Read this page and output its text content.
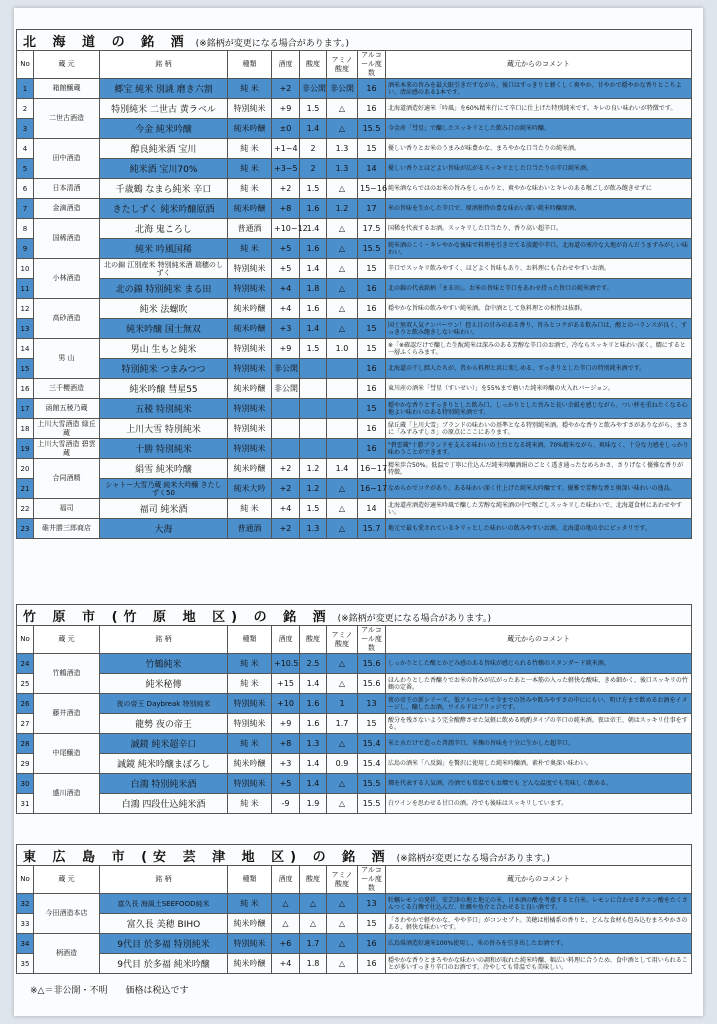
北 海 道 の 銘 酒 (※銘柄が変更になる場合があります。)								
No	蔵 元	銘 柄	種類	酒度	酸度	アミノ酸度	アルコール度数	蔵元からのコメント
1	箱館醸蔵	郷宝 純米 別誂 磨き六割	純 米	+2	非公開	非公開	16	酒米本来の旨みを最大限引きだすながら、後口はすっきりと軽くしく爽やか、甘やかで穏やかな香りとこちよい、清涼感のある1本です。
2	二世古酒造	特別純米 二世古 黄ラベル	特別純米	+9	1.5	△	16	北海道酒造好適米「吟風」を60%精米行にて辛口に仕上げた特別純米です。キレの良い味わいが特徴です。
3		今金 純米吟醸	純米吟醸	±0	1.4	△	15.5	今金産「彗星」で醸したスッキリとした飲み口の純米吟醸。
4	田中酒造	醇良純米酒 宝川	純 米	+1~4	2	1.3	15	優しい香りとお米のうまみが味豊かな、まろやかな口当たりの純米酒。
5		純米酒 宝川70%	純 米	+3~5	2	1.3	14	優しい香りとほどよい旨味が広がるスッキリとした口当たりの辛口純米酒。
6	日本清酒	千歳鶴 なまら純米 辛口	純 米	+2	1.5	△	15~16	純米酒ならではのお米の旨みをしっかりと、爽やかな味わいとキレのある喉ごしが飲み飽きせずに
7	金滴酒造	きたしずく 純米吟醸原酒	純米吟醸	+8	1.6	1.2	17	米の旨味を生かした辛口で、原酒独特の豊な味わい深い純米吟醸原酒。
8	国稀酒造	北海 鬼ころし	普通酒	+10~12	1.4	△	17.5	国稀を代表するお酒。スッキリした口当たり、香り高い超辛口。
9		純米 吟風国稀	純 米	+5	1.6	△	15.5	純米酒のこく・キレやかな後味で料理を引き立てる淡麗中辛口。北海道の寒冷な大地が育んだうまずみがしい味わい。
10	小林酒造	北の錦 江別産米 特別純米酒 瑞穂のしずく	特別純米	+5	1.4	△	15	辛口でスッキリ飲みやすく、ほどよく旨味もあり、お料理にも合わせやすいお酒。
11		北の錦 特別純米 まる田	特別純米	+4	1.8	△	16	北の錦の代表銘柄「まる田」。お米の旨味と辛口をあわせ持った旨口の純米酒です。
12	高砂酒造	純米 法螺吹	純米吟醸	+4	1.6	△	16	穏やかな旨味の飲みやすい純米酒。食中酒として魚料理との相性は抜群。
13		純米吟醸 国士無双	純米吟醸	+3	1.4	△	15	国士無双人気ナンバーワン！控え目の甘みのある香り、旨みとコクがある飲み口は、酸とのバランスが良く、すっきりと飲み飽きしない味わい。
14	男 山	男山 生もと純米	特別純米	+9	1.5	1.0	15	※「※確認だけで醸した生酛純米は深みのある芳醇な辛口のお酒で、冷ならスッキリと味わい深く、燗にすると一層ふくらみます。
15		特別純米 つまみつつ	特別純米	非公開			16	北海道の干し鱈人たちが、昔から料理と共に楽しめる、すっきりとした辛口の特別純米酒です。
16	三千櫻酒造	純米吟醸 彗星55	純米吟醸	非公開			16	東川産の酒米「彗星（すいせい）」を55%まで磨いた純米吟醸の火入れバージョン。
17	函館五稜乃蔵	五稜 特別純米	特別純米				15	穏やかな香りとすっきりとした飲み口、しっかりとした旨みと長い余韻を感じながら、つい杯を重ねたくなる心地よい味わいのある特別純米酒です。
18	上川大雪酒造 緑丘蔵	上川大雪 特別純米	特別純米				16	緑丘蔵「上川大雪」ブランドの味わいの基準となる特別純米酒。穏やかな香りと飲みやすさがありながら、まさに「みずみずしさ」の原点にここにあります。
19	上川大雪酒造 碧雲蔵	十勝 特別純米	特別純米				16	"碧雲蔵"十勝ブランドを支える味わいの土台となる純米酒。70%精米ながら、爽味なく、十分な力感をしっかり味わうことができます。
20	合同酒精	絹雪 純米吟醸	純米吟醸	+2	1.2	1.4	16~17	精米歩合50%。低温で丁寧に仕込んだ純米吟醸酒絹のごとく透き通ったなめらかさ、さりげなく優雅な香りが特徴。
21		シャトー大雪乃蔵 純米大吟醸 きたしずく50	純米大吟	+2	1.2	△	16~17	なめらかでコクがあり、ある味わい深く仕上げた純米大吟醸です。優雅で芳醇な香と奥深い味わいの逸品。
22	福司	福司 純米酒	純 米	+4	1.5	△	14	北海道産酒造好適米吟風で醸した芳醇な純米酒の中で喉ごしスッキリした味わいで、北海道食材にあわせやすい。
23	碓井勝三郎商店	大海	普通酒	+2	1.3	△	15.7	地元で最も愛されているキリッとした味わいの飲みやすいお酒。北海道の地の幸にピッタリです。
竹 原 市 (竹 原 地 区) の 銘 酒 (※銘柄が変更になる場合があります。)								
No	蔵 元	銘 柄	種類	酒度	酸度	アミノ酸度	アルコール度数	蔵元からのコメント
24	竹鶴酒造	竹鶴純米	純 米	+10.5	2.5	△	15.6	しっかりとした酸とかどみ感のある旨味が感じられる竹鶴のスタンダード純米酒。
25		純米秘傳	純 米	+15	1.4	△	15.6	ほんわりとした香醸りでお米の旨みが広がったあと一本筋の入った軽快な酸味、きめ細かく、後口スッキリの竹鶴の定番。
26	藤井酒造	夜の帝王 Daybreak 特別純米	特別純米	+10	1.6	1	13	夜の帝王の新シリーズ。低アルコールで今までの旨みや飲みやすさの中ににもい、明け方まで飲めるお酒をイメージし、醸したお酒。ワイルドはブリッジです。
27		龍勢 夜の帝王	特別純米	+9	1.6	1.7	15	酸分を残さないよう完全醗酵させた気軽に飲める晩酌タイプの辛口の純米酒。夜は帝王、朝はスッキリ仕事をする。
28	中尾醸造	誠鏡 純米超辛口	純 米	+8	1.3	△	15.4	米と水だけで造った普潤辛口。米麹の旨味を十分に生かした超辛口。
29		誠鏡 純米吟醸まぼろし	純米吟醸	+3	1.4	0.9	15.4	広島の酒米「八反錦」を贅沢に使用した純米吟醸酒。素朴で奥深い味わい。
30	盛川酒造	白鴻 特別純米酒	特別純米	+5	1.4	△	15.5	燗を代表する人気酒。冷酒でも常温でもお燗でも どんな温度でも美味しく飲める。
31		白鴻 四段仕込純米酒	純 米	-9	1.9	△	15.5	白ワインを思わせる甘口の酒。冷でも後味はスッキリしています。
東 広 島 市 (安 芸 津 地 区) の 銘 酒 (※銘柄が変更になる場合があります。)								
No	蔵 元	銘 柄	種類	酒度	酸度	アミノ酸度	アルコール度数	蔵元からのコメント
32	今田酒造本店	富久長 海風土SEEFOOD純米	純 米	△	△	△	13	牡蠣レモンの発祥、安芸津の地と地元の米、日本酒の酸を考慮すると白米、レモンに合わせるクエン酸をたくさんつくる白麹で仕込んだ、牡蠣や魚介と合わせると良い酒です。
33		富久長 美穂 BIHO	純米吟醸	△	△	△	15	「さわやかで軽やかな、やや辛口」がコンセプト。美穂は柑橘系の香りと、どんな食材も包み込むまろやかさのある、軽快な味わいです。
34	柄酒造	9代目 於多福 特別純米	特別純米	+6	1.7	△	16	広島県酒造好適米100%使用し、米の旨みを引き出したお酒です。
35		9代目 於多福 純米吟醸	純米吟醸	+4	1.8	△	16	穏やかな香りとまろやかな味わいの調和が取れた純米吟醸、幅広い料理に合うため、食中酒として用いられることが多いすっきり辛口のお酒です。冷やしても常温でも美味しい。
※△＝非公開・不明　　価格は税込です
